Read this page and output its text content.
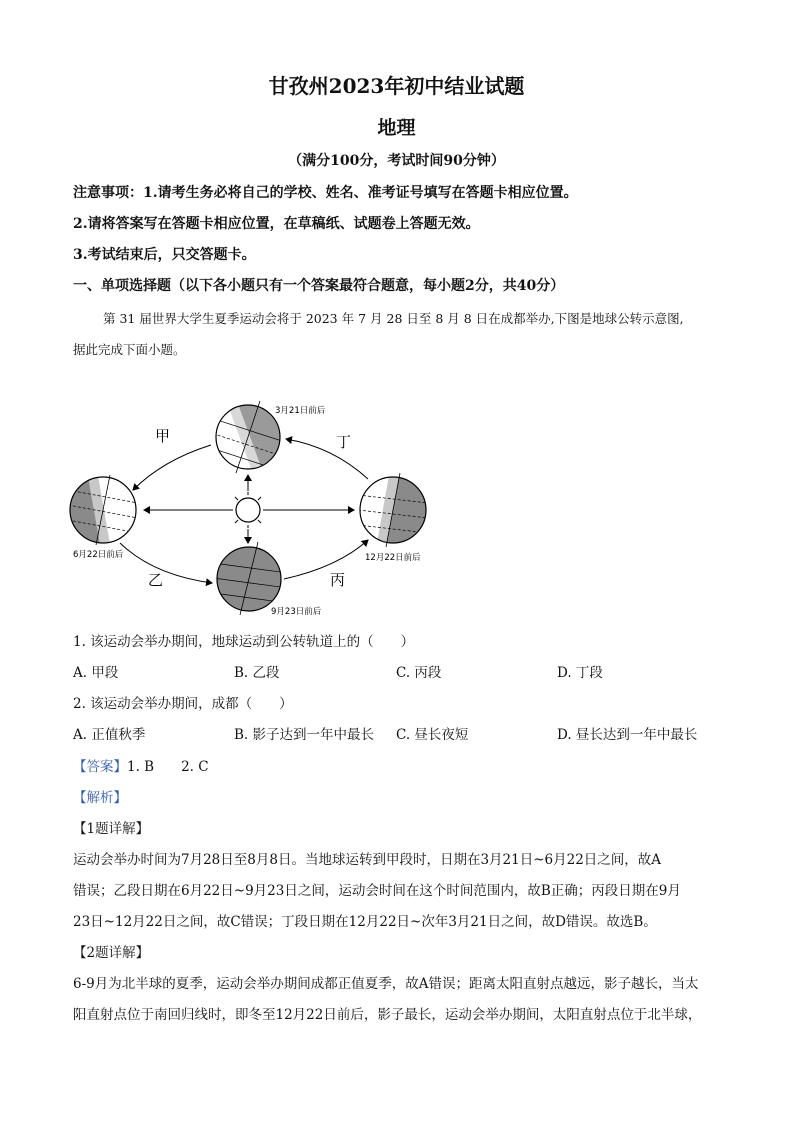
甘孜州2023年初中结业试题
地理
（满分100分，考试时间90分钟）
注意事项：1.请考生务必将自己的学校、姓名、准考证号填写在答题卡相应位置。
2.请将答案写在答题卡相应位置，在草稿纸、试题卷上答题无效。
3.考试结束后，只交答题卡。
一、单项选择题（以下各小题只有一个答案最符合题意，每小题2分，共40分）
第 31 届世界大学生夏季运动会将于 2023 年 7 月 28 日至 8 月 8 日在成都举办,下图是地球公转示意图,
据此完成下面小题。
甲	丁
乙	丙
3月21日前后
6月22日前后	12月22日前后
9月23日前后
1. 该运动会举办期间，地球运动到公转轨道上的（　　）
A. 甲段	B. 乙段	C. 丙段	D. 丁段
2. 该运动会举办期间，成都（　　）
A. 正值秋季	B. 影子达到一年中最长 C. 昼长夜短	D. 昼长达到一年中最长
【答案】1. B　　2. C
【解析】
【1题详解】
运动会举办时间为7月28日至8月8日。当地球运转到甲段时，日期在3月21日~6月22日之间，故A
错误；乙段日期在6月22日~9月23日之间，运动会时间在这个时间范围内，故B正确；丙段日期在9月
23日~12月22日之间，故C错误；丁段日期在12月22日~次年3月21日之间，故D错误。故选B。
【2题详解】
6-9月为北半球的夏季，运动会举办期间成都正值夏季，故A错误；距离太阳直射点越远，影子越长，当太
阳直射点位于南回归线时，即冬至12月22日前后，影子最长，运动会举办期间，太阳直射点位于北半球，
